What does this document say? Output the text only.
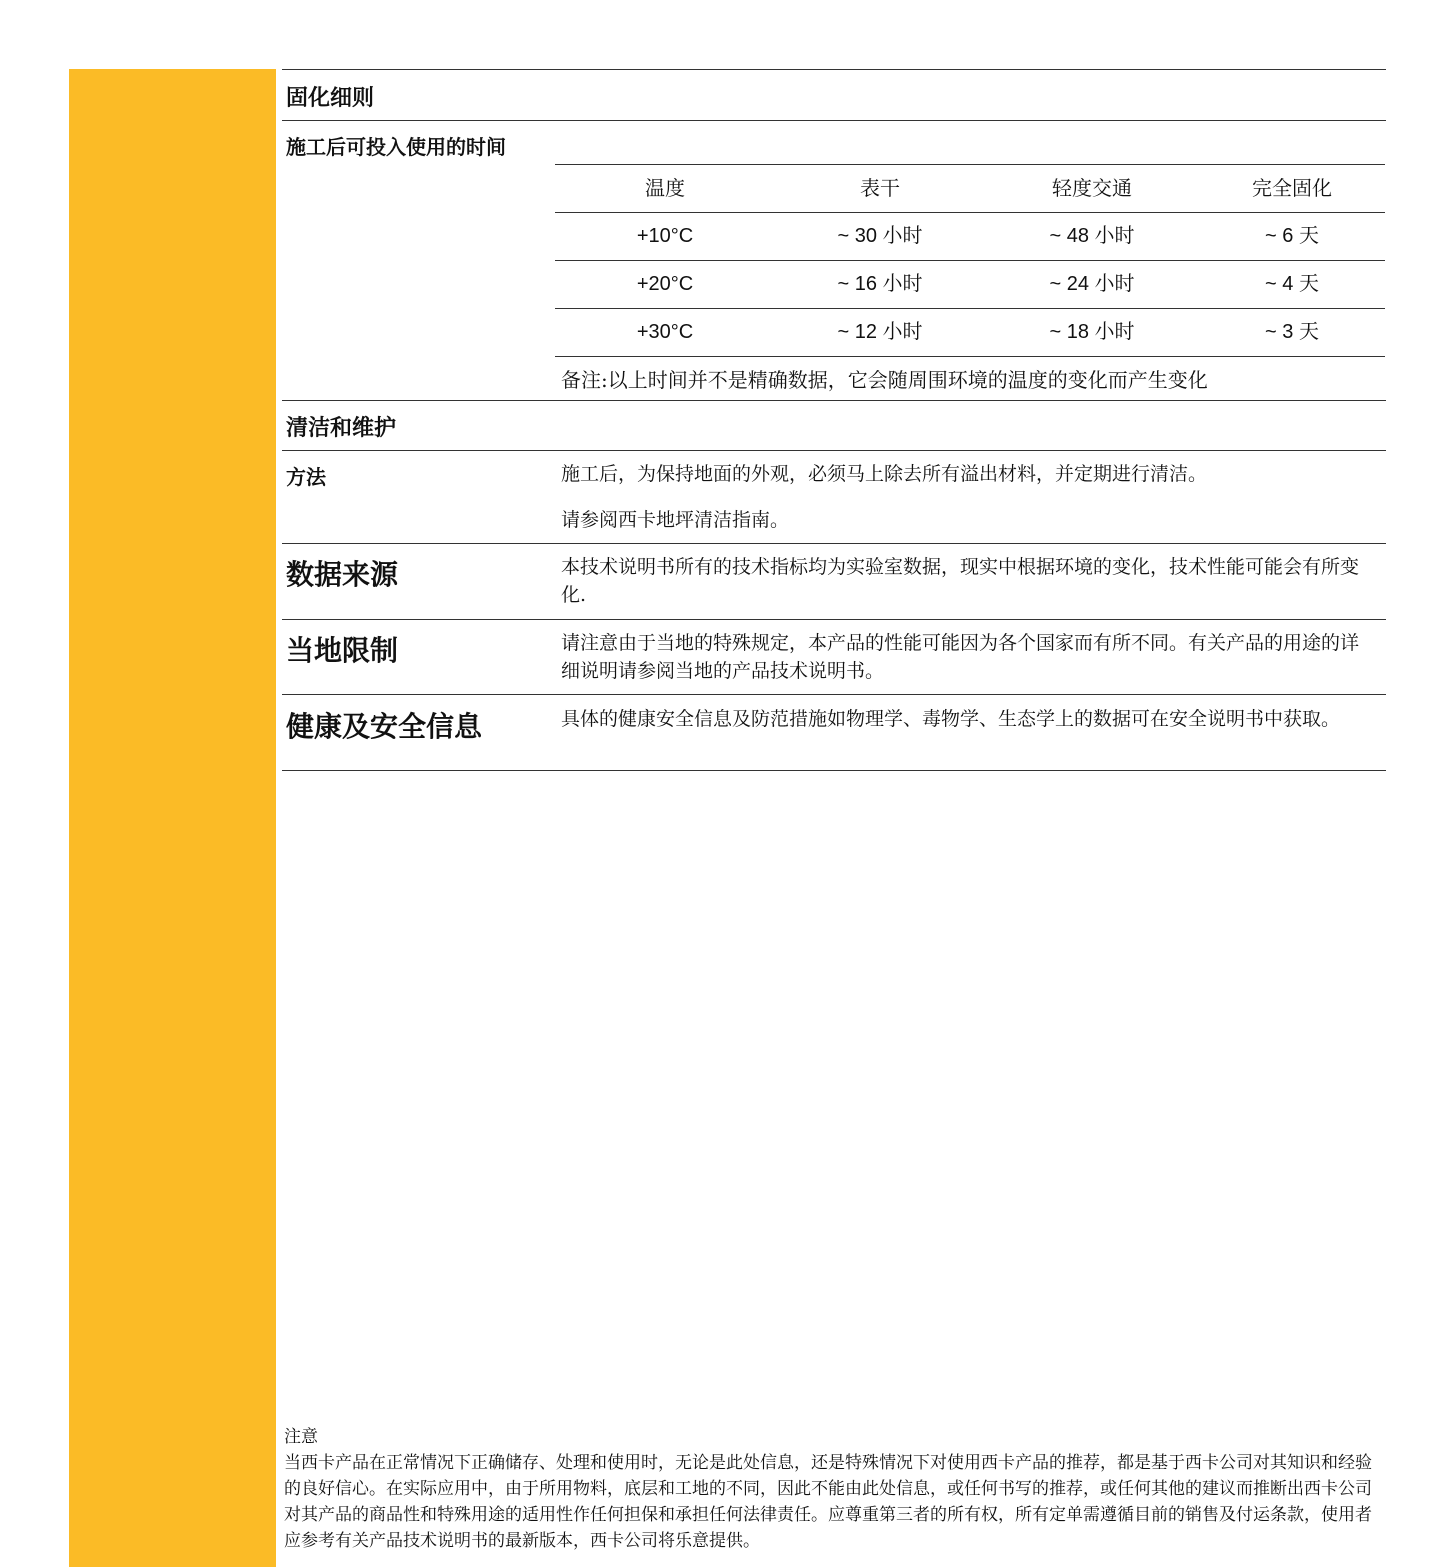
固化细则
施工后可投入使用的时间
温度	表干	轻度交通	完全固化
+10°C	~ 30 小时	~ 48 小时	~ 6 天
+20°C	~ 16 小时	~ 24 小时	~ 4 天
+30°C	~ 12 小时	~ 18 小时	~ 3 天
备注:以上时间并不是精确数据，它会随周围环境的温度的变化而产生变化
清洁和维护
方法	施工后，为保持地面的外观，必须马上除去所有溢出材料，并定期进行清洁。
请参阅西卡地坪清洁指南。
数据来源	本技术说明书所有的技术指标均为实验室数据，现实中根据环境的变化，技术性能可能会有所变化.
当地限制	请注意由于当地的特殊规定，本产品的性能可能因为各个国家而有所不同。有关产品的用途的详细说明请参阅当地的产品技术说明书。
健康及安全信息	具体的健康安全信息及防范措施如物理学、毒物学、生态学上的数据可在安全说明书中获取。
注意
当西卡产品在正常情况下正确储存、处理和使用时，无论是此处信息，还是特殊情况下对使用西卡产品的推荐，都是基于西卡公司对其知识和经验的良好信心。在实际应用中，由于所用物料，底层和工地的不同，因此不能由此处信息，或任何书写的推荐，或任何其他的建议而推断出西卡公司对其产品的商品性和特殊用途的适用性作任何担保和承担任何法律责任。应尊重第三者的所有权，所有定单需遵循目前的销售及付运条款，使用者应参考有关产品技术说明书的最新版本，西卡公司将乐意提供。
